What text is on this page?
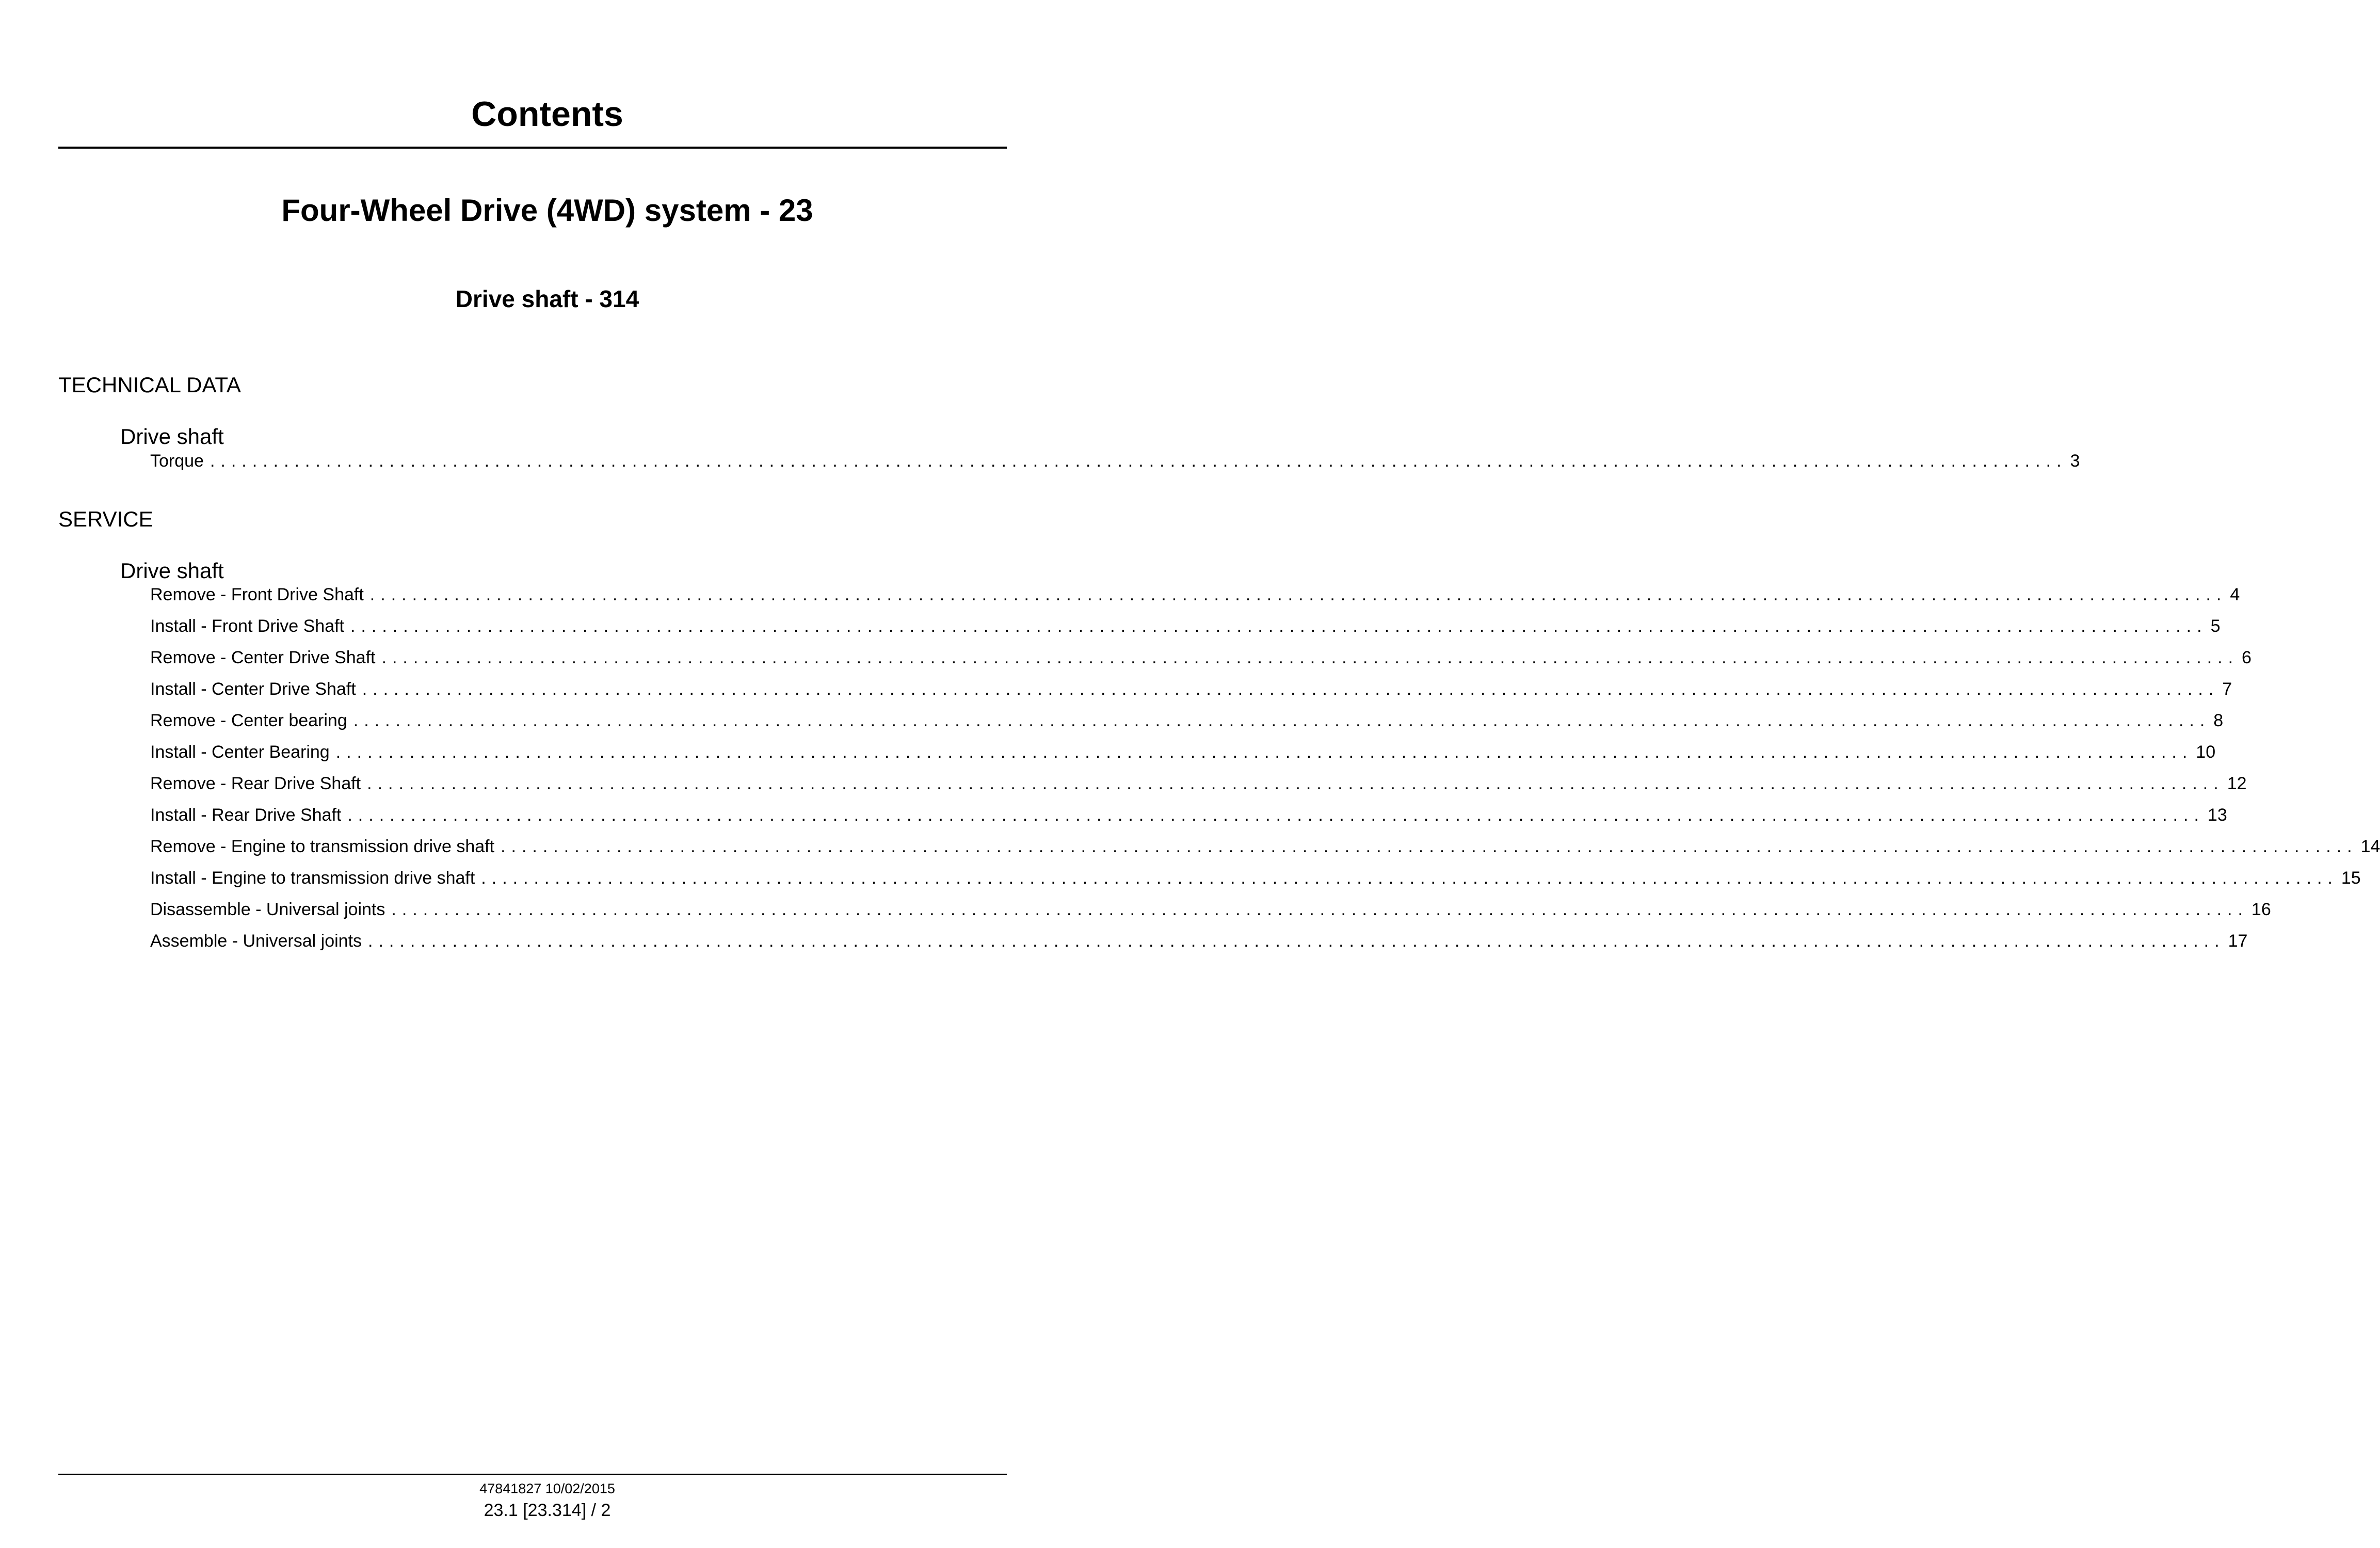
Contents
Four-Wheel Drive (4WD) system - 23
Drive shaft - 314
TECHNICAL DATA
Drive shaft
Torque ................................................................................................................................................................................ 3
SERVICE
Drive shaft
Remove - Front Drive Shaft ................................................................................................................................................................................ 4
Install - Front Drive Shaft ................................................................................................................................................................................ 5
Remove - Center Drive Shaft ................................................................................................................................................................................ 6
Install - Center Drive Shaft ................................................................................................................................................................................ 7
Remove - Center bearing ................................................................................................................................................................................ 8
Install - Center Bearing ................................................................................................................................................................................ 10
Remove - Rear Drive Shaft ................................................................................................................................................................................ 12
Install - Rear Drive Shaft ................................................................................................................................................................................ 13
Remove - Engine to transmission drive shaft ................................................................................................................................................................................ 14
Install - Engine to transmission drive shaft ................................................................................................................................................................................ 15
Disassemble - Universal joints ................................................................................................................................................................................ 16
Assemble - Universal joints ................................................................................................................................................................................ 17
47841827 10/02/2015
23.1 [23.314] / 2
